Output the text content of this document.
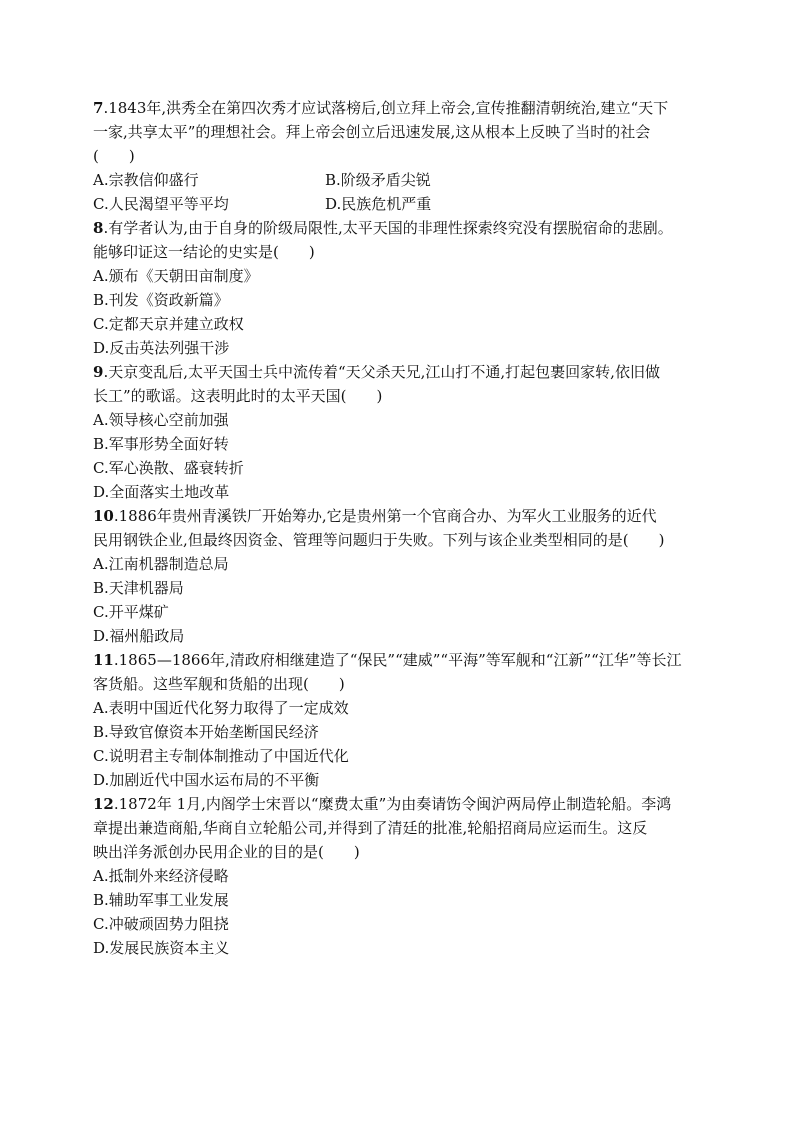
7.1843年,洪秀全在第四次秀才应试落榜后,创立拜上帝会,宣传推翻清朝统治,建立“天下
一家,共享太平”的理想社会。拜上帝会创立后迅速发展,这从根本上反映了当时的社会
(　　)
A.宗教信仰盛行	B.阶级矛盾尖锐
C.人民渴望平等平均	D.民族危机严重
8.有学者认为,由于自身的阶级局限性,太平天国的非理性探索终究没有摆脱宿命的悲剧。
能够印证这一结论的史实是(　　)
A.颁布《天朝田亩制度》
B.刊发《资政新篇》
C.定都天京并建立政权
D.反击英法列强干涉
9.天京变乱后,太平天国士兵中流传着“天父杀天兄,江山打不通,打起包裹回家转,依旧做
长工”的歌谣。这表明此时的太平天国(　　)
A.领导核心空前加强
B.军事形势全面好转
C.军心涣散、盛衰转折
D.全面落实土地改革
10.1886年贵州青溪铁厂开始筹办,它是贵州第一个官商合办、为军火工业服务的近代
民用钢铁企业,但最终因资金、管理等问题归于失败。下列与该企业类型相同的是(　　)
A.江南机器制造总局
B.天津机器局
C.开平煤矿
D.福州船政局
11.1865—1866年,清政府相继建造了“保民”“建威”“平海”等军舰和“江新”“江华”等长江
客货船。这些军舰和货船的出现(　　)
A.表明中国近代化努力取得了一定成效
B.导致官僚资本开始垄断国民经济
C.说明君主专制体制推动了中国近代化
D.加剧近代中国水运布局的不平衡
12.1872年 1月,内阁学士宋晋以“糜费太重”为由奏请饬令闽沪两局停止制造轮船。李鸿
章提出兼造商船,华商自立轮船公司,并得到了清廷的批准,轮船招商局应运而生。这反
映出洋务派创办民用企业的目的是(　　)
A.抵制外来经济侵略
B.辅助军事工业发展
C.冲破顽固势力阻挠
D.发展民族资本主义
